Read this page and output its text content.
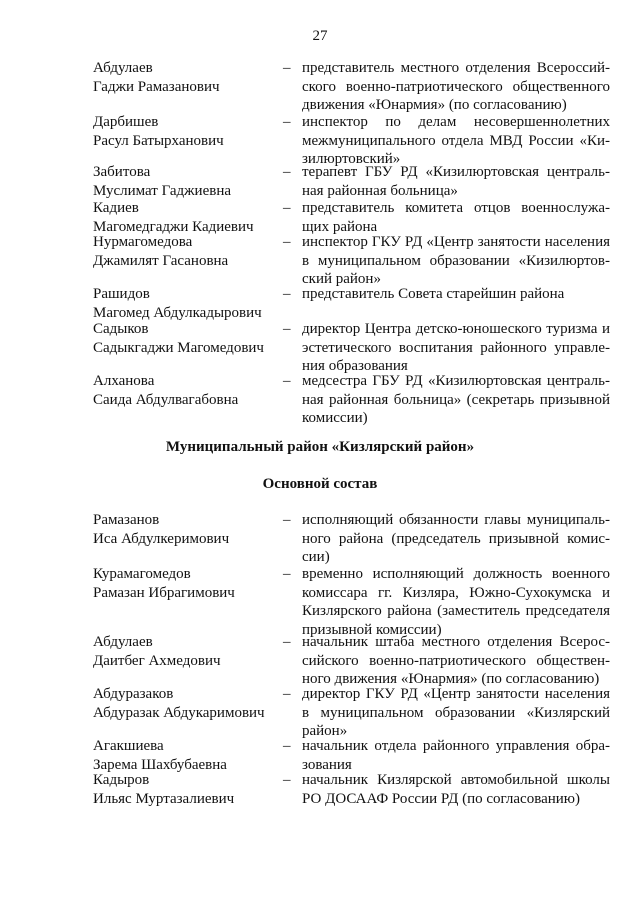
27
Абдулаев
Гаджи Рамазанович
– представитель местного отделения Всероссий-
ского военно-патриотического общественного
движения «Юнармия» (по согласованию)
Дарбишев
Расул Батырханович
– инспектор по делам несовершеннолетних
межмуниципального отдела МВД России «Ки-
зилюртовский»
Забитова
Муслимат Гаджиевна
– терапевт ГБУ РД «Кизилюртовская централь-
ная районная больница»
Кадиев
Магомедгаджи Кадиевич
– представитель комитета отцов военнослужа-
щих района
Нурмагомедова
Джамилят Гасановна
– инспектор ГКУ РД «Центр занятости населения
в муниципальном образовании «Кизилюртов-
ский район»
Рашидов
Магомед Абдулкадырович
– представитель Совета старейшин района
Садыков
Садыкгаджи Магомедович
– директор Центра детско-юношеского туризма и
эстетического воспитания районного управле-
ния образования
Алханова
Саида Абдулвагабовна
– медсестра ГБУ РД «Кизилюртовская централь-
ная районная больница» (секретарь призывной
комиссии)
Муниципальный район «Кизлярский район»
Основной состав
Рамазанов
Иса Абдулкеримович
– исполняющий обязанности главы муниципаль-
ного района (председатель призывной комис-
сии)
Курамагомедов
Рамазан Ибрагимович
– временно исполняющий должность военного
комиссара гг. Кизляра, Южно-Сухокумска и
Кизлярского района (заместитель председателя
призывной комиссии)
Абдулаев
Даитбег Ахмедович
– начальник штаба местного отделения Всерос-
сийского военно-патриотического обществен-
ного движения «Юнармия» (по согласованию)
Абдуразаков
Абдуразак Абдукаримович
– директор ГКУ РД «Центр занятости населения
в муниципальном образовании «Кизлярский
район»
Агакшиева
Зарема Шахбубаевна
– начальник отдела районного управления обра-
зования
Кадыров
Ильяс Муртазалиевич
– начальник Кизлярской автомобильной школы
РО ДОСААФ России РД (по согласованию)
